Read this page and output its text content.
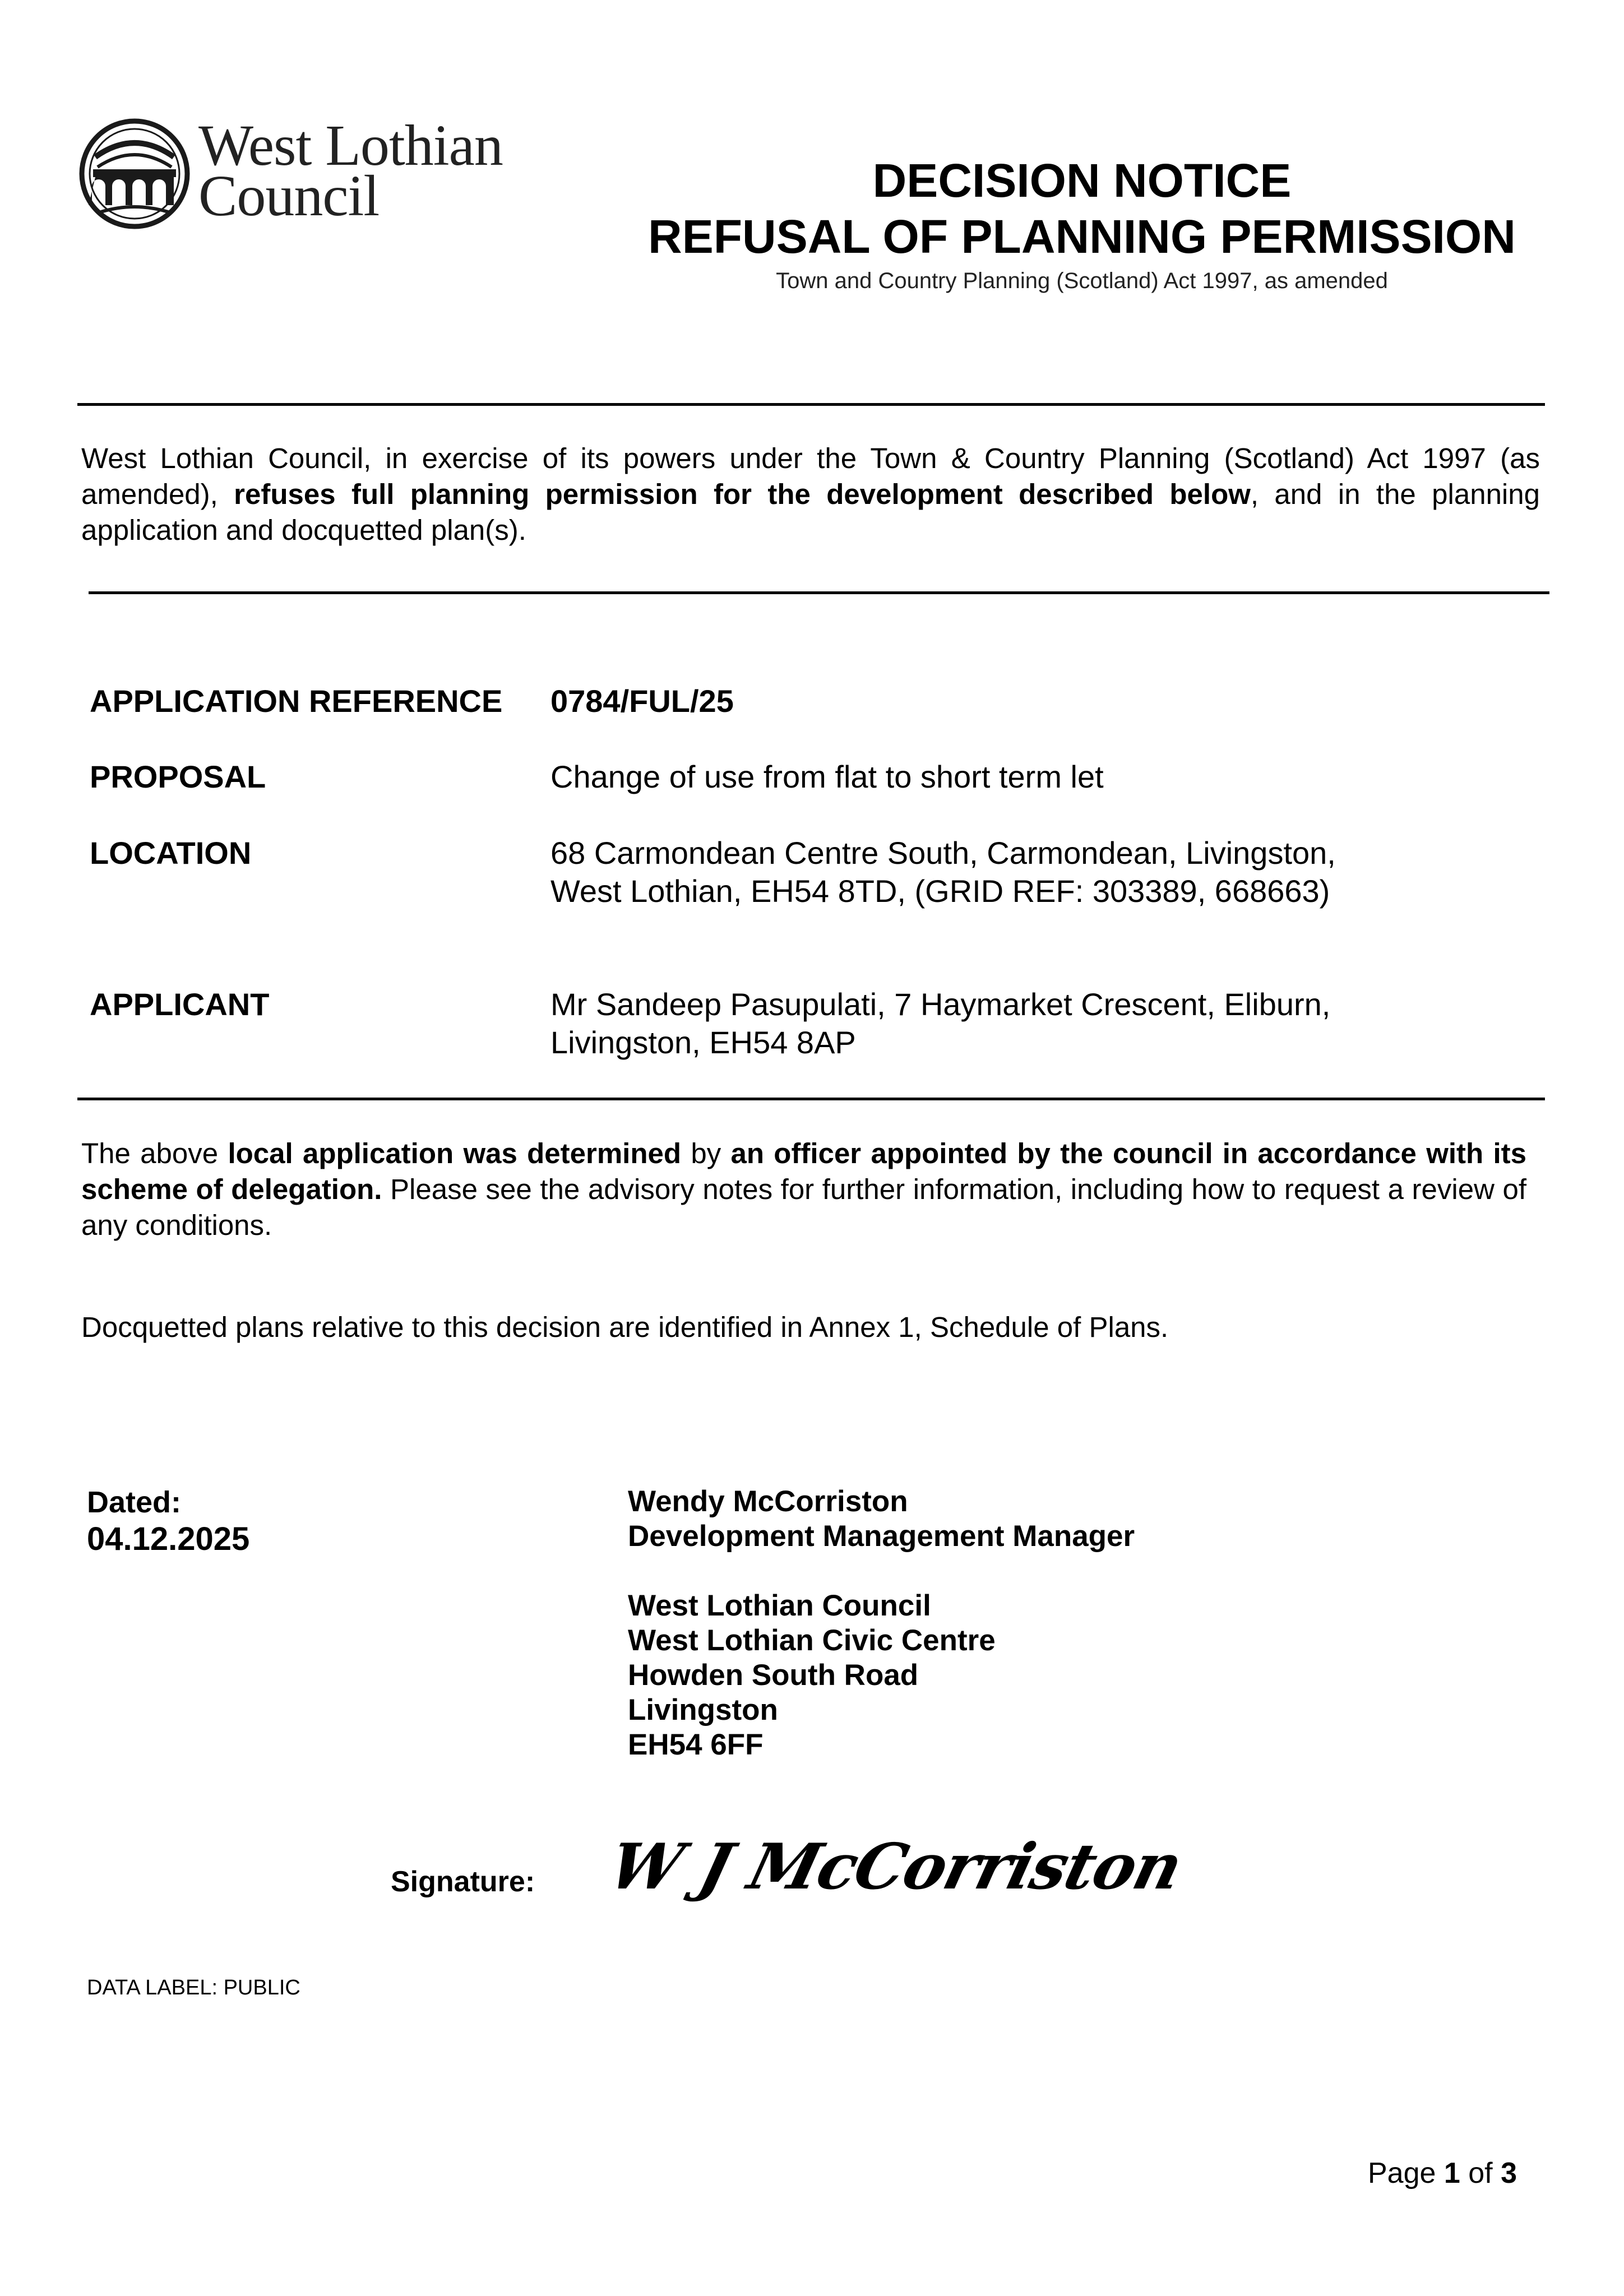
West Lothian
Council	DECISION NOTICE
REFUSAL OF PLANNING PERMISSION
Town and Country Planning (Scotland) Act 1997, as amended
West Lothian Council, in exercise of its powers under the Town & Country Planning (Scotland) Act 1997 (as amended), refuses full planning permission for the development described below, and in the planning application and docquetted plan(s).
APPLICATION REFERENCE 0784/FUL/25
PROPOSAL	Change of use from flat to short term let
LOCATION	68 Carmondean Centre South, Carmondean, Livingston,
West Lothian, EH54 8TD, (GRID REF: 303389, 668663)
APPLICANT	Mr Sandeep Pasupulati, 7 Haymarket Crescent, Eliburn,
Livingston, EH54 8AP
The above local application was determined by an officer appointed by the council in accordance with its scheme of delegation. Please see the advisory notes for further information, including how to request a review of any conditions.
Docquetted plans relative to this decision are identified in Annex 1, Schedule of Plans.
Dated:
04.12.2025
Wendy McCorriston
Development Management Manager
West Lothian Council
West Lothian Civic Centre
Howden South Road
Livingston
EH54 6FF
Signature: W J McCorriston
DATA LABEL: PUBLIC
Page 1 of 3
